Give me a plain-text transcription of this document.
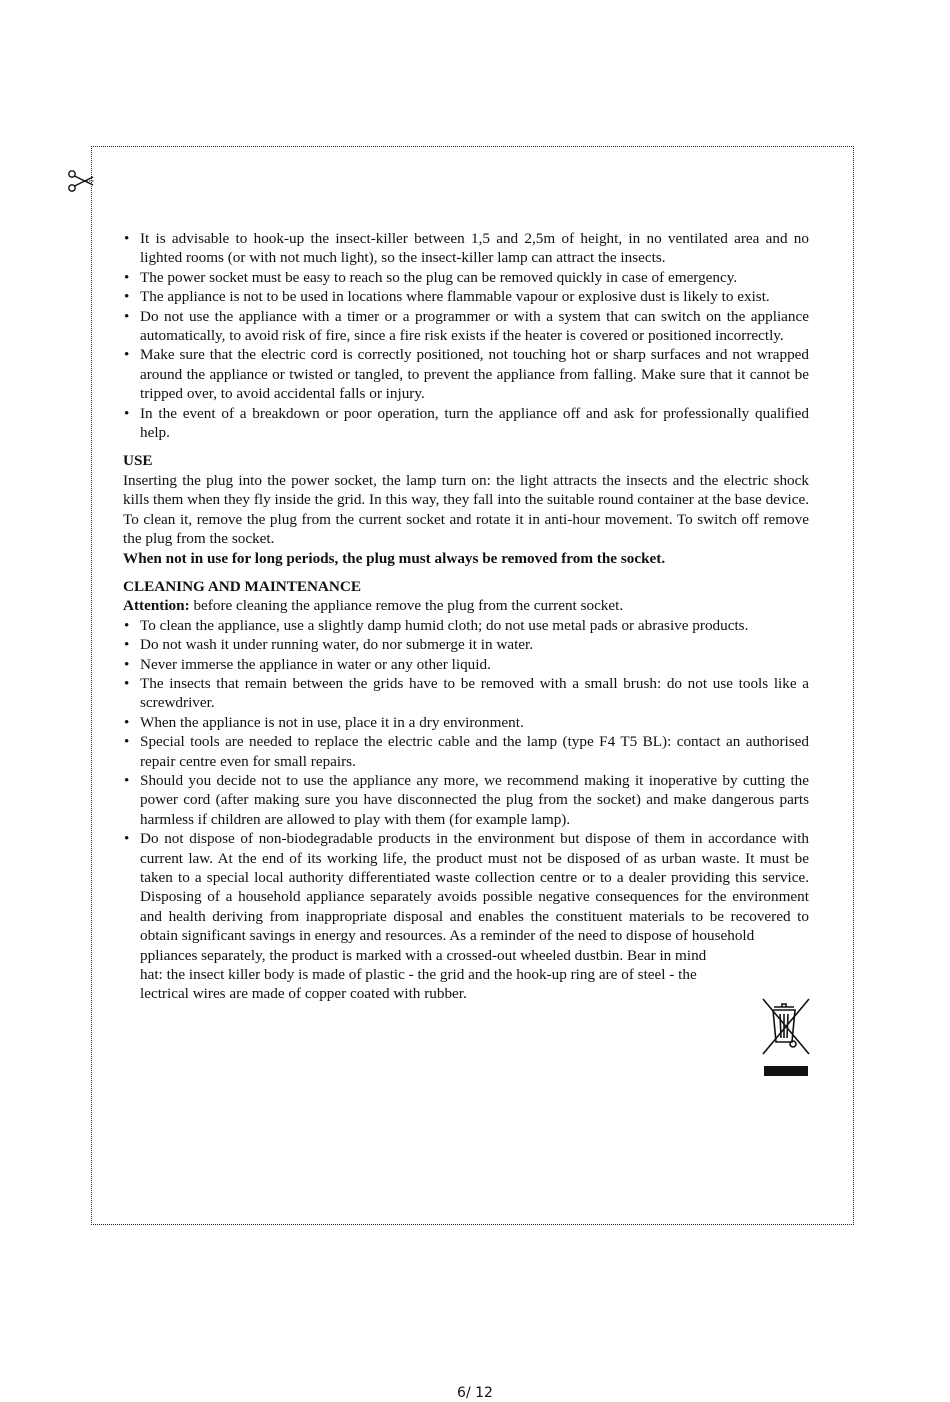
• It is advisable to hook-up the insect-killer between 1,5 and 2,5m of height, in no ventilated area and no lighted rooms (or with not much light), so the insect-killer lamp can attract the insects.
• The power socket must be easy to reach so the plug can be removed quickly in case of emergency.
• The appliance is not to be used in locations where flammable vapour or explosive dust is likely to exist.
• Do not use the appliance with a timer or a programmer or with a system that can switch on the appliance automatically, to avoid risk of fire, since a fire risk exists if the heater is covered or positioned incorrectly.
• Make sure that the electric cord is correctly positioned, not touching hot or sharp surfaces and not wrapped around the appliance or twisted or tangled, to prevent the appliance from falling. Make sure that it cannot be tripped over, to avoid accidental falls or injury.
• In the event of a breakdown or poor operation, turn the appliance off and ask for professionally qualified help.
USE
Inserting the plug into the power socket, the lamp turn on: the light attracts the insects and the electric shock kills them when they fly inside the grid. In this way, they fall into the suitable round container at the base device. To clean it, remove the plug from the current socket and rotate it in anti-hour movement. To switch off remove the plug from the socket.
When not in use for long periods, the plug must always be removed from the socket.
CLEANING AND MAINTENANCE
Attention: before cleaning the appliance remove the plug from the current socket.
• To clean the appliance, use a slightly damp humid cloth; do not use metal pads or abrasive products.
• Do not wash it under running water, do nor submerge it in water.
• Never immerse the appliance in water or any other liquid.
• The insects that remain between the grids have to be removed with a small brush: do not use tools like a screwdriver.
• When the appliance is not in use, place it in a dry environment.
• Special tools are needed to replace the electric cable and the lamp (type F4 T5 BL): contact an authorised repair centre even for small repairs.
• Should you decide not to use the appliance any more, we recommend making it inoperative by cutting the power cord (after making sure you have disconnected the plug from the socket) and make dangerous parts harmless if children are allowed to play with them (for example lamp).
• Do not dispose of non-biodegradable products in the environment but dispose of them in accordance with current law. At the end of its working life, the product must not be disposed of as urban waste. It must be taken to a special local authority differentiated waste collection centre or to a dealer providing this service. Disposing of a household appliance separately avoids possible negative consequences for the environment and health deriving from inappropriate disposal and enables the constituent materials to be recovered to obtain significant savings in energy and resources. As a reminder of the need to dispose of household
ppliances separately, the product is marked with a crossed-out wheeled dustbin. Bear in mind
hat: the insect killer body is made of plastic - the grid and the hook-up ring are of steel - the
lectrical wires are made of copper coated with rubber.
6/ 12
